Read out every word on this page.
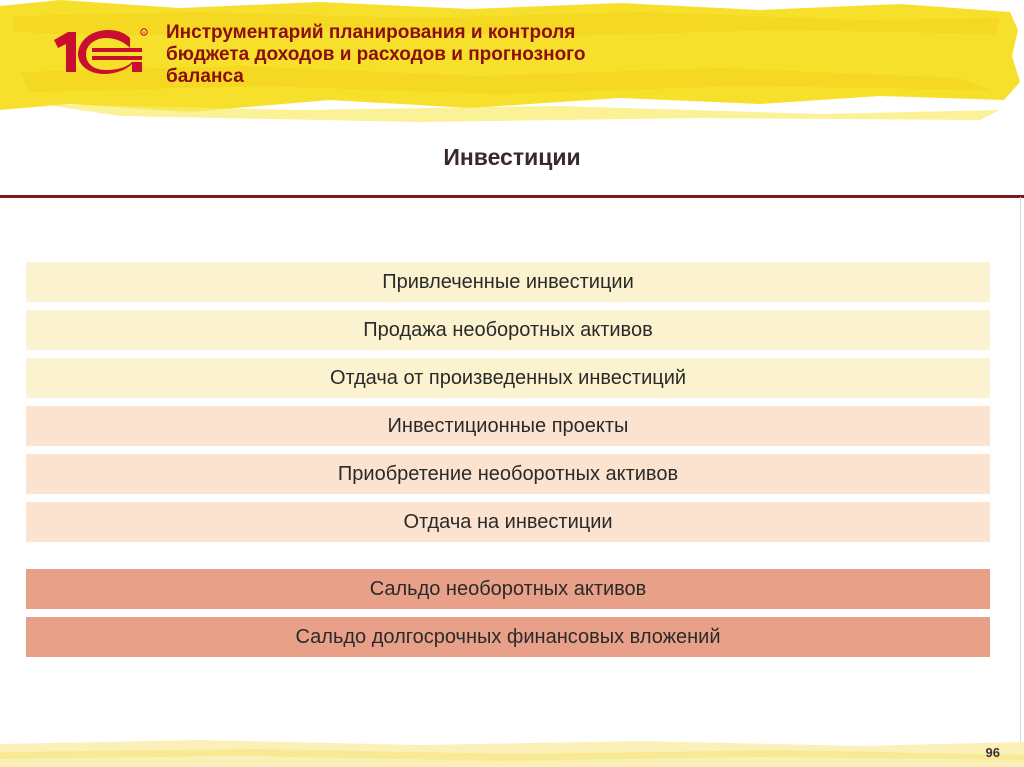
R Инструментарий планирования и контроля
бюджета доходов и расходов и прогнозного
баланса
Инвестиции
Привлеченные инвестиции
Продажа необоротных активов
Отдача от произведенных инвестиций
Инвестиционные проекты
Приобретение необоротных активов
Отдача на инвестиции
Сальдо необоротных активов
Сальдо долгосрочных финансовых вложений
96
